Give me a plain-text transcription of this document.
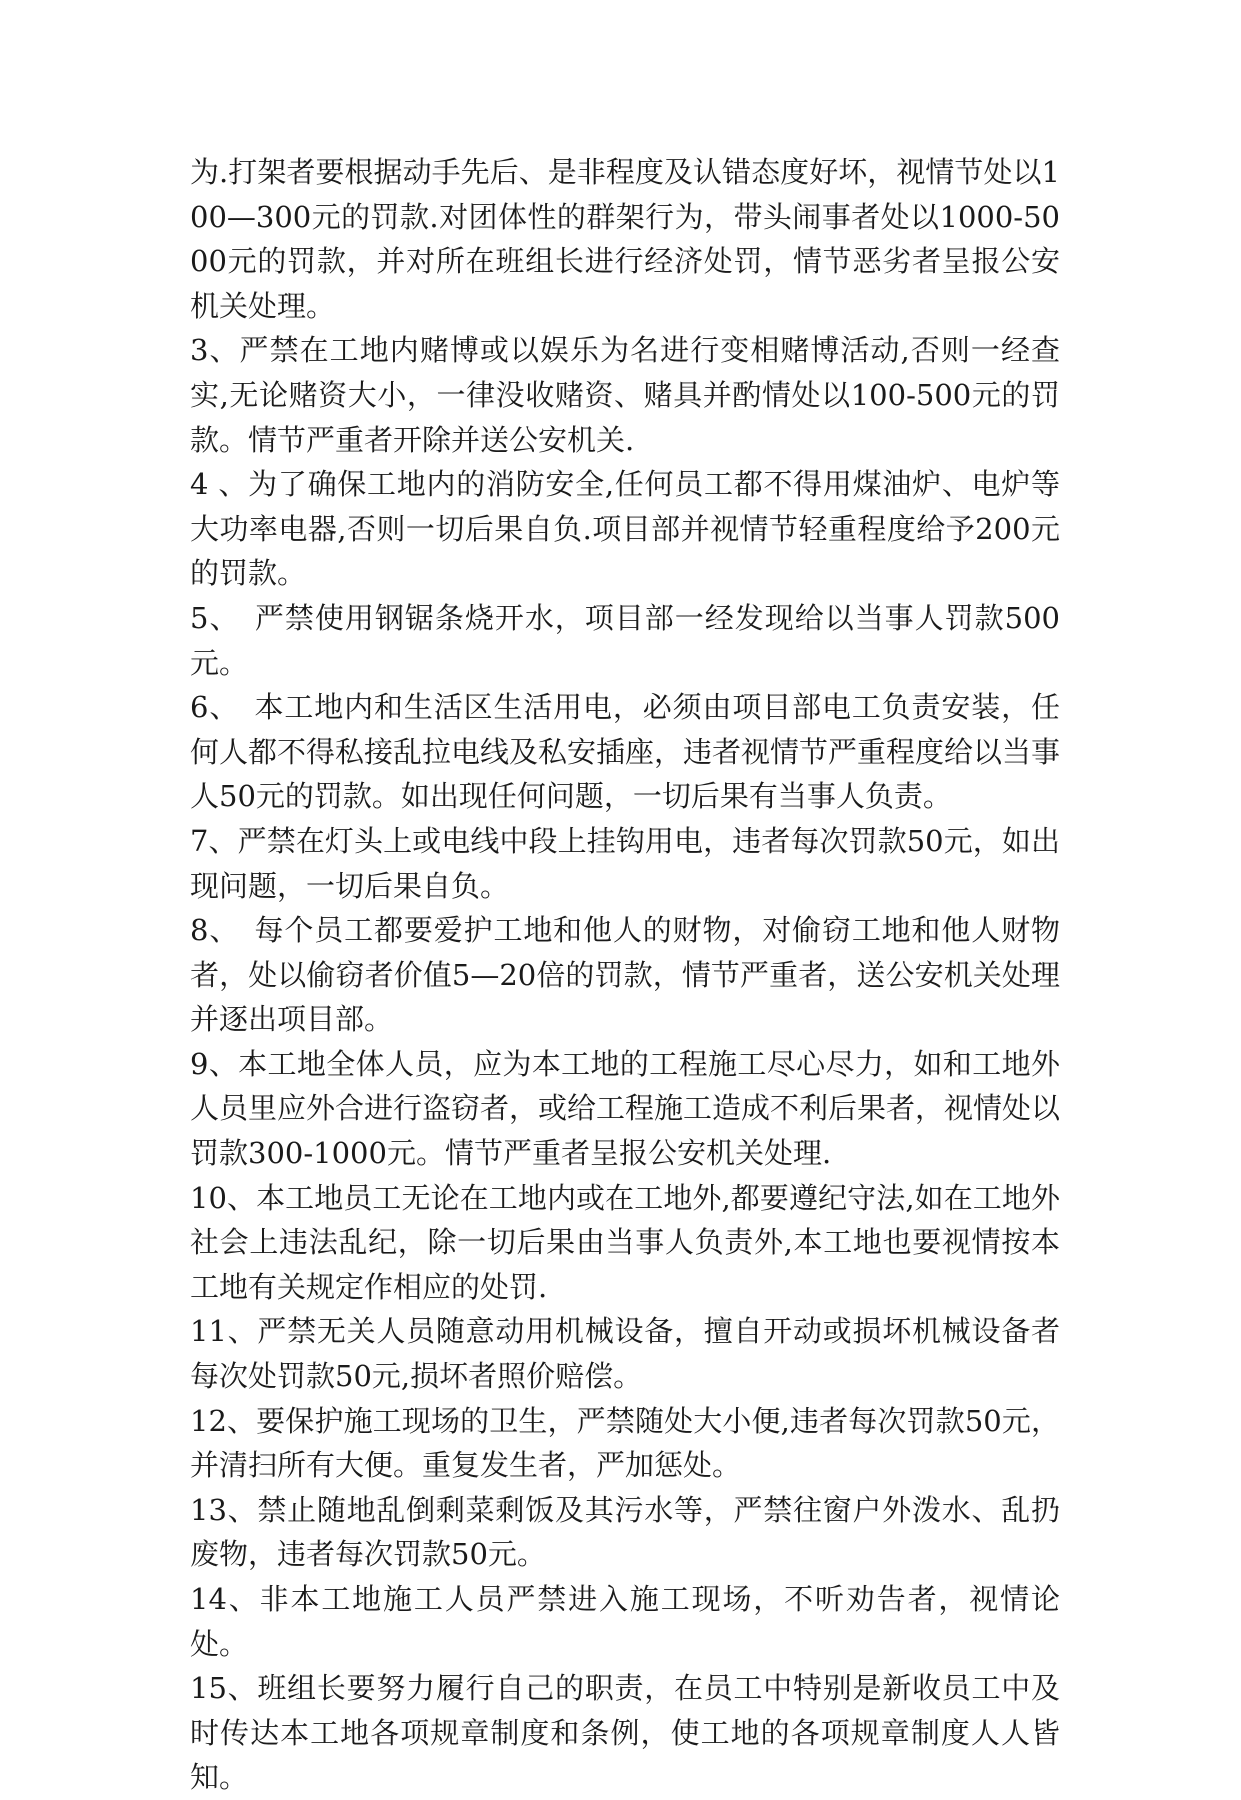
为.打架者要根据动手先后、是非程度及认错态度好坏，视情节处以100—300元的罚款.对团体性的群架行为，带头闹事者处以1000-5000元的罚款，并对所在班组长进行经济处罚，情节恶劣者呈报公安机关处理。

3、严禁在工地内赌博或以娱乐为名进行变相赌博活动,否则一经查实,无论赌资大小，一律没收赌资、赌具并酌情处以100-500元的罚款。情节严重者开除并送公安机关.

4 、为了确保工地内的消防安全,任何员工都不得用煤油炉、电炉等大功率电器,否则一切后果自负.项目部并视情节轻重程度给予200元的罚款。

5、　严禁使用钢锯条烧开水，项目部一经发现给以当事人罚款500元。

6、　本工地内和生活区生活用电，必须由项目部电工负责安装，任何人都不得私接乱拉电线及私安插座，违者视情节严重程度给以当事人50元的罚款。如出现任何问题，一切后果有当事人负责。

7、严禁在灯头上或电线中段上挂钩用电，违者每次罚款50元，如出现问题，一切后果自负。

8、　每个员工都要爱护工地和他人的财物，对偷窃工地和他人财物者，处以偷窃者价值5—20倍的罚款，情节严重者，送公安机关处理并逐出项目部。

9、本工地全体人员，应为本工地的工程施工尽心尽力，如和工地外人员里应外合进行盗窃者，或给工程施工造成不利后果者，视情处以罚款300-1000元。情节严重者呈报公安机关处理.

10、本工地员工无论在工地内或在工地外,都要遵纪守法,如在工地外社会上违法乱纪，除一切后果由当事人负责外,本工地也要视情按本工地有关规定作相应的处罚.

11、严禁无关人员随意动用机械设备，擅自开动或损坏机械设备者每次处罚款50元,损坏者照价赔偿。

12、要保护施工现场的卫生，严禁随处大小便,违者每次罚款50元，并清扫所有大便。重复发生者，严加惩处。

13、禁止随地乱倒剩菜剩饭及其污水等，严禁往窗户外泼水、乱扔废物，违者每次罚款50元。

14、非本工地施工人员严禁进入施工现场，不听劝告者，视情论处。

15、班组长要努力履行自己的职责，在员工中特别是新收员工中及时传达本工地各项规章制度和条例，使工地的各项规章制度人人皆知。
